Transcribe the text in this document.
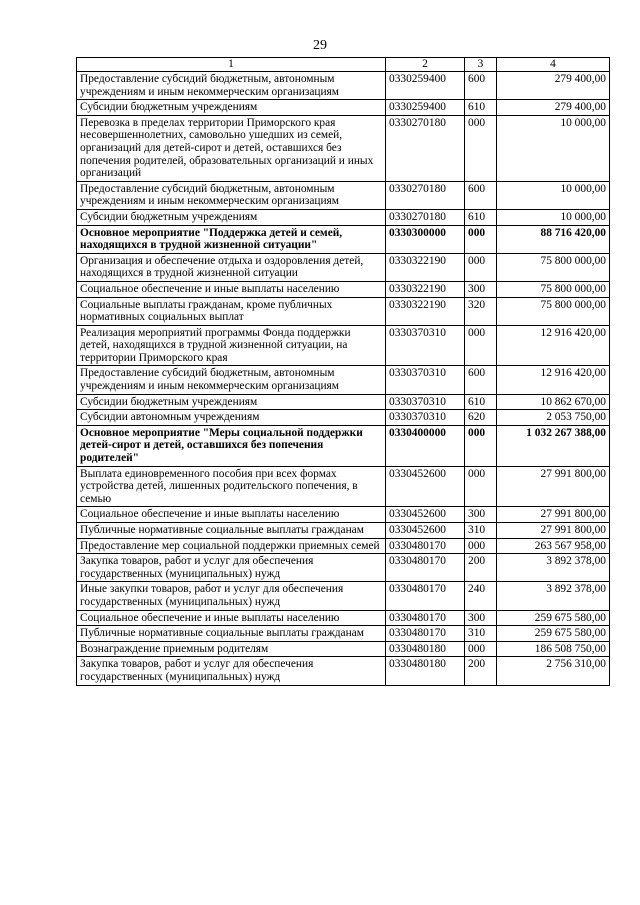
29
1	2	3	4
Предоставление субсидий бюджетным, автономным учреждениям и иным некоммерческим организациям	0330259400	600	279 400,00
Субсидии бюджетным учреждениям	0330259400	610	279 400,00
Перевозка в пределах территории Приморского края несовершеннолетних, самовольно ушедших из семей, организаций для детей-сирот и детей, оставшихся без попечения родителей, образовательных организаций и иных организаций	0330270180	000	10 000,00
Предоставление субсидий бюджетным, автономным учреждениям и иным некоммерческим организациям	0330270180	600	10 000,00
Субсидии бюджетным учреждениям	0330270180	610	10 000,00
Основное мероприятие "Поддержка детей и семей, находящихся в трудной жизненной ситуации"	0330300000	000	88 716 420,00
Организация и обеспечение отдыха и оздоровления детей, находящихся в трудной жизненной ситуации	0330322190	000	75 800 000,00
Социальное обеспечение и иные выплаты населению	0330322190	300	75 800 000,00
Социальные выплаты гражданам, кроме публичных нормативных социальных выплат	0330322190	320	75 800 000,00
Реализация мероприятий программы Фонда поддержки детей, находящихся в трудной жизненной ситуации, на территории Приморского края	0330370310	000	12 916 420,00
Предоставление субсидий бюджетным, автономным учреждениям и иным некоммерческим организациям	0330370310	600	12 916 420,00
Субсидии бюджетным учреждениям	0330370310	610	10 862 670,00
Субсидии автономным учреждениям	0330370310	620	2 053 750,00
Основное мероприятие "Меры социальной поддержки детей-сирот и детей, оставшихся без попечения родителей"	0330400000	000	1 032 267 388,00
Выплата единовременного пособия при всех формах устройства детей, лишенных родительского попечения, в семью	0330452600	000	27 991 800,00
Социальное обеспечение и иные выплаты населению	0330452600	300	27 991 800,00
Публичные нормативные социальные выплаты гражданам	0330452600	310	27 991 800,00
Предоставление мер социальной поддержки приемных семей	0330480170	000	263 567 958,00
Закупка товаров, работ и услуг для обеспечения государственных (муниципальных) нужд	0330480170	200	3 892 378,00
Иные закупки товаров, работ и услуг для обеспечения государственных (муниципальных) нужд	0330480170	240	3 892 378,00
Социальное обеспечение и иные выплаты населению	0330480170	300	259 675 580,00
Публичные нормативные социальные выплаты гражданам	0330480170	310	259 675 580,00
Вознаграждение приемным родителям	0330480180	000	186 508 750,00
Закупка товаров, работ и услуг для обеспечения государственных (муниципальных) нужд	0330480180	200	2 756 310,00
